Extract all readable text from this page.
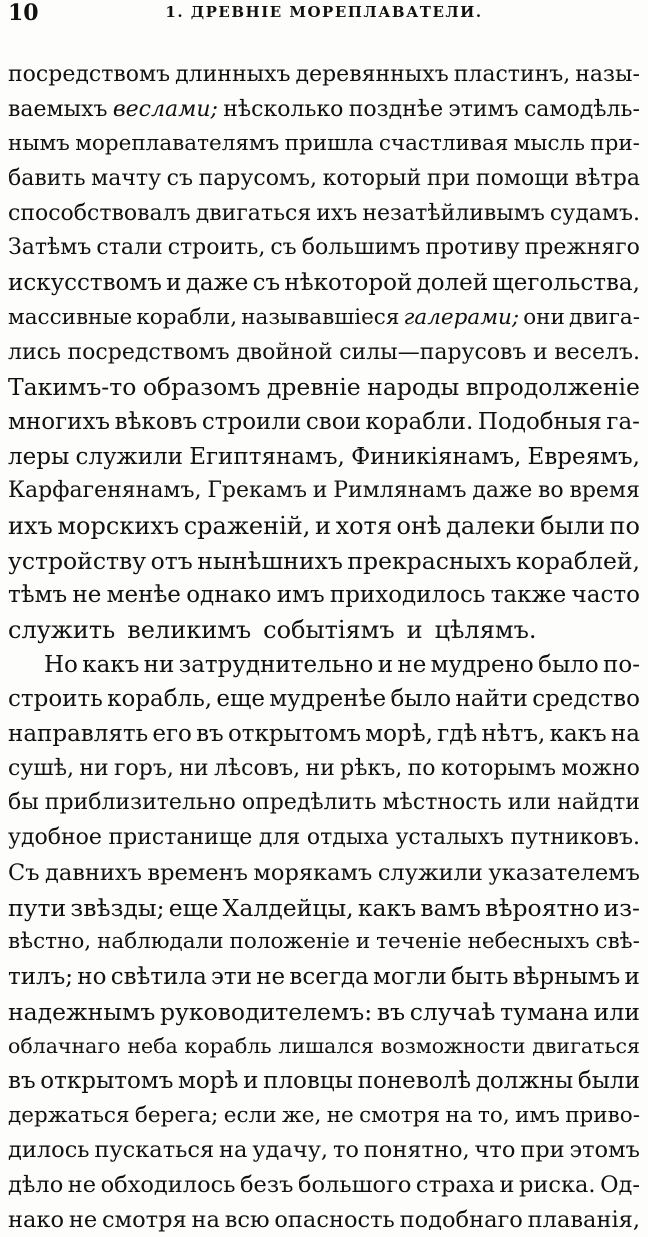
10	1. ДРЕВНІЕ МОРЕПЛАВАТЕЛИ.
посредствомъ длинныхъ деревянныхъ пластинъ, назы-
ваемыхъ веслами; нѣсколько позднѣе этимъ самодѣль-
нымъ мореплавателямъ пришла счастливая мысль при-
бавить мачту съ парусомъ, который при помощи вѣтра
способствовалъ двигаться ихъ незатѣйливымъ судамъ.
Затѣмъ стали строить, съ большимъ противу прежняго
искусствомъ и даже съ нѣкоторой долей щегольства,
массивные корабли, называвшіеся галерами; они двига-
лись посредствомъ двойной силы—парусовъ и веселъ.
Такимъ-то образомъ древніе народы впродолженіе
многихъ вѣковъ строили свои корабли. Подобныя га-
леры служили Египтянамъ, Финикіянамъ, Евреямъ,
Карфагенянамъ, Грекамъ и Римлянамъ даже во время
ихъ морскихъ сраженій, и хотя онѣ далеки были по
устройству отъ нынѣшнихъ прекрасныхъ кораблей,
тѣмъ не менѣе однако имъ приходилось также часто
служить великимъ событіямъ и цѣлямъ.
Но какъ ни затруднительно и не мудрено было по-
строить корабль, еще мудренѣе было найти средство
направлять его въ открытомъ морѣ, гдѣ нѣтъ, какъ на
сушѣ, ни горъ, ни лѣсовъ, ни рѣкъ, по которымъ можно
бы приблизительно опредѣлить мѣстность или найдти
удобное пристанище для отдыха усталыхъ путниковъ.
Съ давнихъ временъ морякамъ служили указателемъ
пути звѣзды; еще Халдейцы, какъ вамъ вѣроятно из-
вѣстно, наблюдали положеніе и теченіе небесныхъ свѣ-
тилъ; но свѣтила эти не всегда могли быть вѣрнымъ и
надежнымъ руководителемъ: въ случаѣ тумана или
облачнаго неба корабль лишался возможности двигаться
въ открытомъ морѣ и пловцы поневолѣ должны были
держаться берега; если же, не смотря на то, имъ приво-
дилось пускаться на удачу, то понятно, что при этомъ
дѣло не обходилось безъ большого страха и риска. Од-
нако не смотря на всю опасность подобнаго плаванія,
